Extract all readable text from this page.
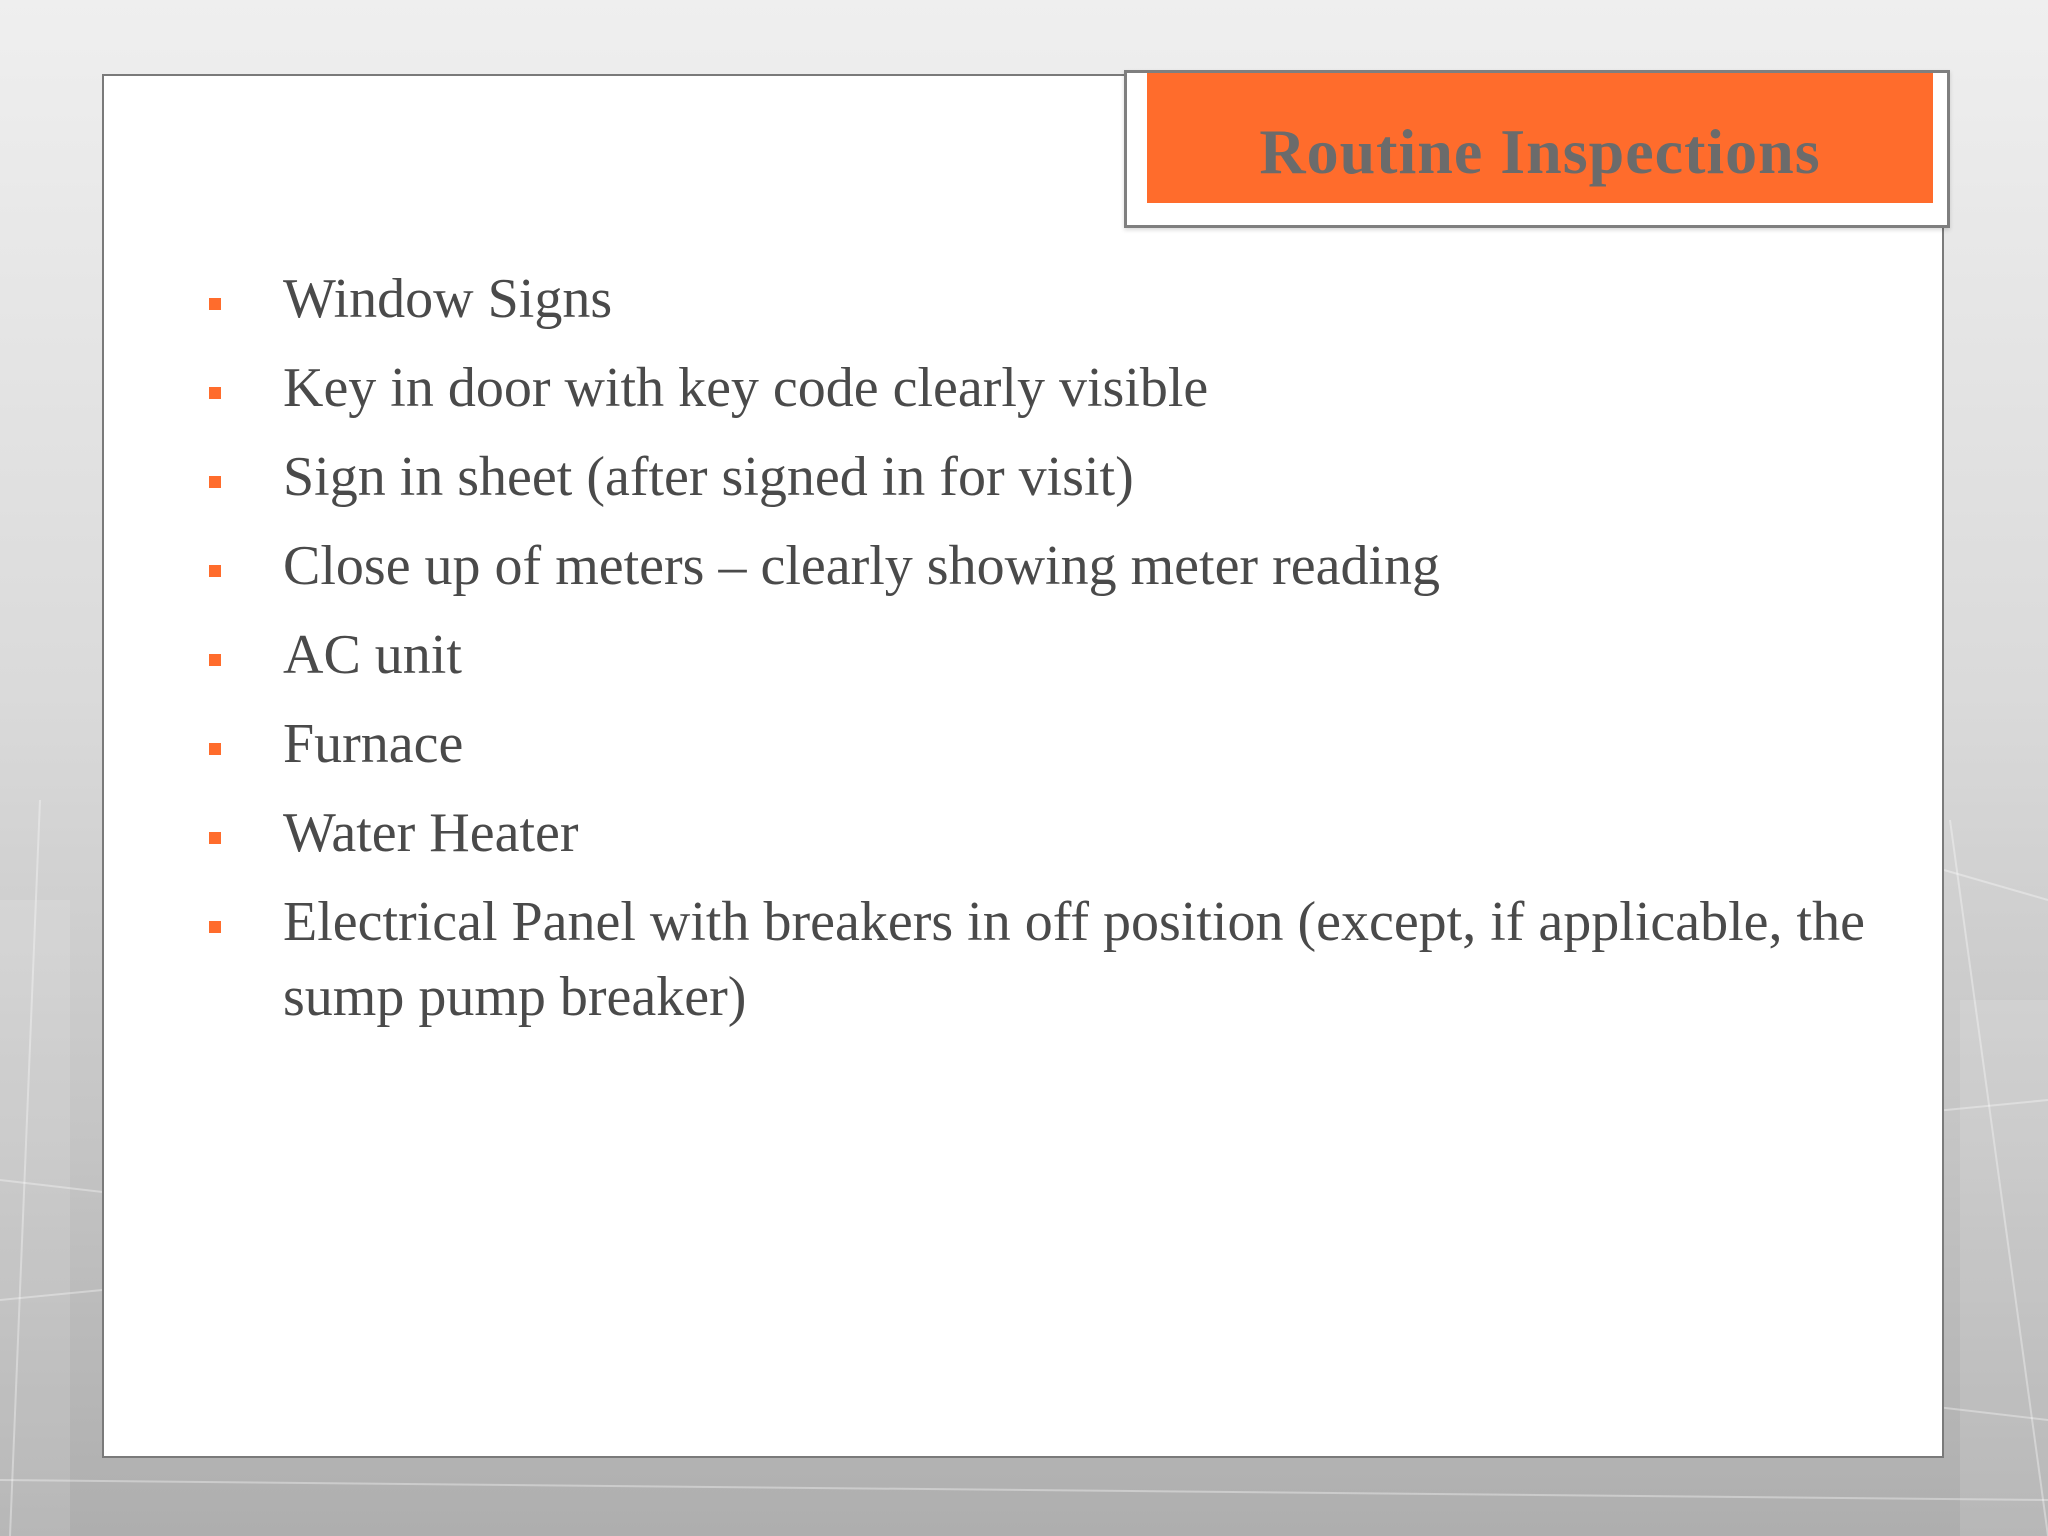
Routine Inspections
Window Signs
Key in door with key code clearly visible
Sign in sheet (after signed in for visit)
Close up of meters – clearly showing meter reading
AC unit
Furnace
Water Heater
Electrical Panel with breakers in off position (except, if applicable, the sump pump breaker)
